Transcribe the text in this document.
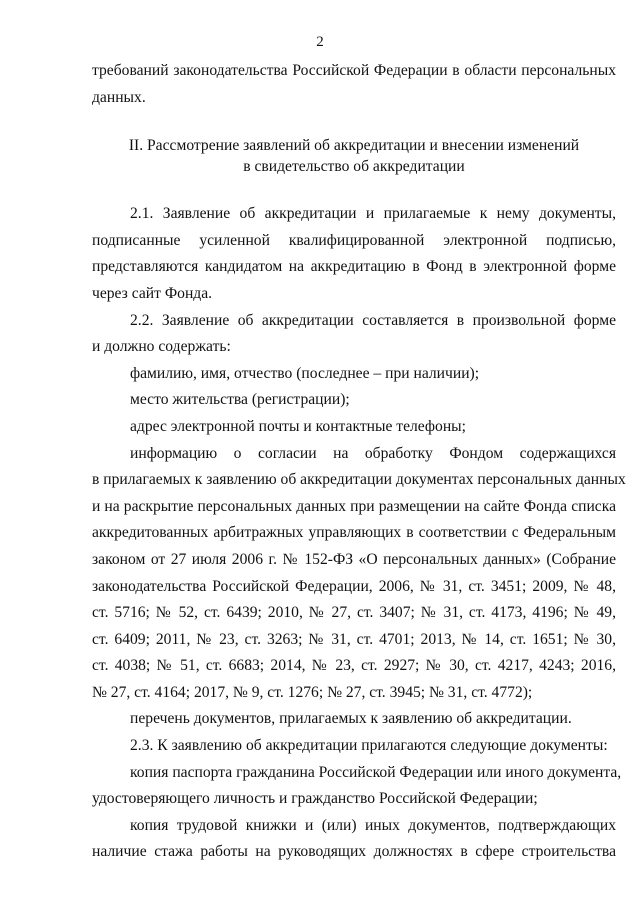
2
требований законодательства Российской Федерации в области персональных
данных.
II. Рассмотрение заявлений об аккредитации и внесении изменений
в свидетельство об аккредитации
2.1. Заявление об аккредитации и прилагаемые к нему документы,
подписанные усиленной квалифицированной электронной подписью,
представляются кандидатом на аккредитацию в Фонд в электронной форме
через сайт Фонда.
2.2. Заявление об аккредитации составляется в произвольной форме
и должно содержать:
фамилию, имя, отчество (последнее – при наличии);
место жительства (регистрации);
адрес электронной почты и контактные телефоны;
информацию о согласии на обработку Фондом содержащихся
в прилагаемых к заявлению об аккредитации документах персональных данных
и на раскрытие персональных данных при размещении на сайте Фонда списка
аккредитованных арбитражных управляющих в соответствии с Федеральным
законом от 27 июля 2006 г. № 152-ФЗ «О персональных данных» (Собрание
законодательства Российской Федерации, 2006, № 31, ст. 3451; 2009, № 48,
ст. 5716; № 52, ст. 6439; 2010, № 27, ст. 3407; № 31, ст. 4173, 4196; № 49,
ст. 6409; 2011, № 23, ст. 3263; № 31, ст. 4701; 2013, № 14, ст. 1651; № 30,
ст. 4038; № 51, ст. 6683; 2014, № 23, ст. 2927; № 30, ст. 4217, 4243; 2016,
№ 27, ст. 4164; 2017, № 9, ст. 1276; № 27, ст. 3945; № 31, ст. 4772);
перечень документов, прилагаемых к заявлению об аккредитации.
2.3. К заявлению об аккредитации прилагаются следующие документы:
копия паспорта гражданина Российской Федерации или иного документа,
удостоверяющего личность и гражданство Российской Федерации;
копия трудовой книжки и (или) иных документов, подтверждающих
наличие стажа работы на руководящих должностях в сфере строительства
